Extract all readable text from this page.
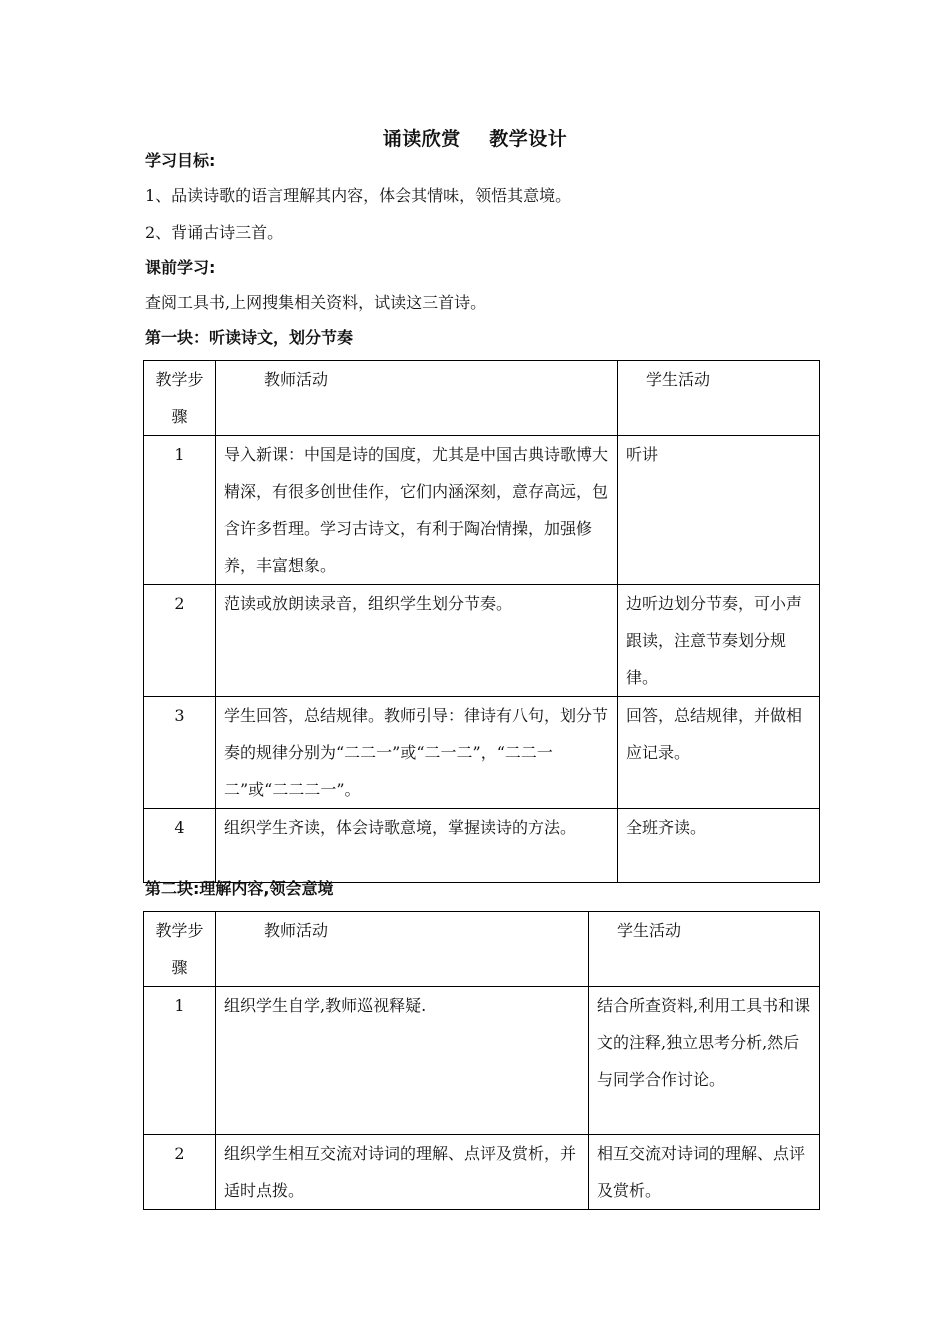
诵读欣赏    教学设计
学习目标:
1、品读诗歌的语言理解其内容，体会其情味，领悟其意境。
2、背诵古诗三首。
课前学习:
查阅工具书,上网搜集相关资料，试读这三首诗。
第一块：听读诗文，划分节奏
教学步骤	教师活动	学生活动
1	导入新课：中国是诗的国度，尤其是中国古典诗歌博大精深，有很多创世佳作，它们内涵深刻，意存高远，包含许多哲理。学习古诗文，有利于陶冶情操，加强修养，丰富想象。	听讲
2	范读或放朗读录音，组织学生划分节奏。	边听边划分节奏，可小声跟读，注意节奏划分规律。
3	学生回答，总结规律。教师引导：律诗有八句，划分节奏的规律分别为“二二一”或“二一二”，“二二一二”或“二二二一”。	回答，总结规律，并做相应记录。
4	组织学生齐读，体会诗歌意境，掌握读诗的方法。	全班齐读。
第二块:理解内容,领会意境
教学步骤	教师活动	学生活动
1	组织学生自学,教师巡视释疑.	结合所查资料,利用工具书和课文的注释,独立思考分析,然后与同学合作讨论。
2	组织学生相互交流对诗词的理解、点评及赏析，并适时点拨。	相互交流对诗词的理解、点评及赏析。
